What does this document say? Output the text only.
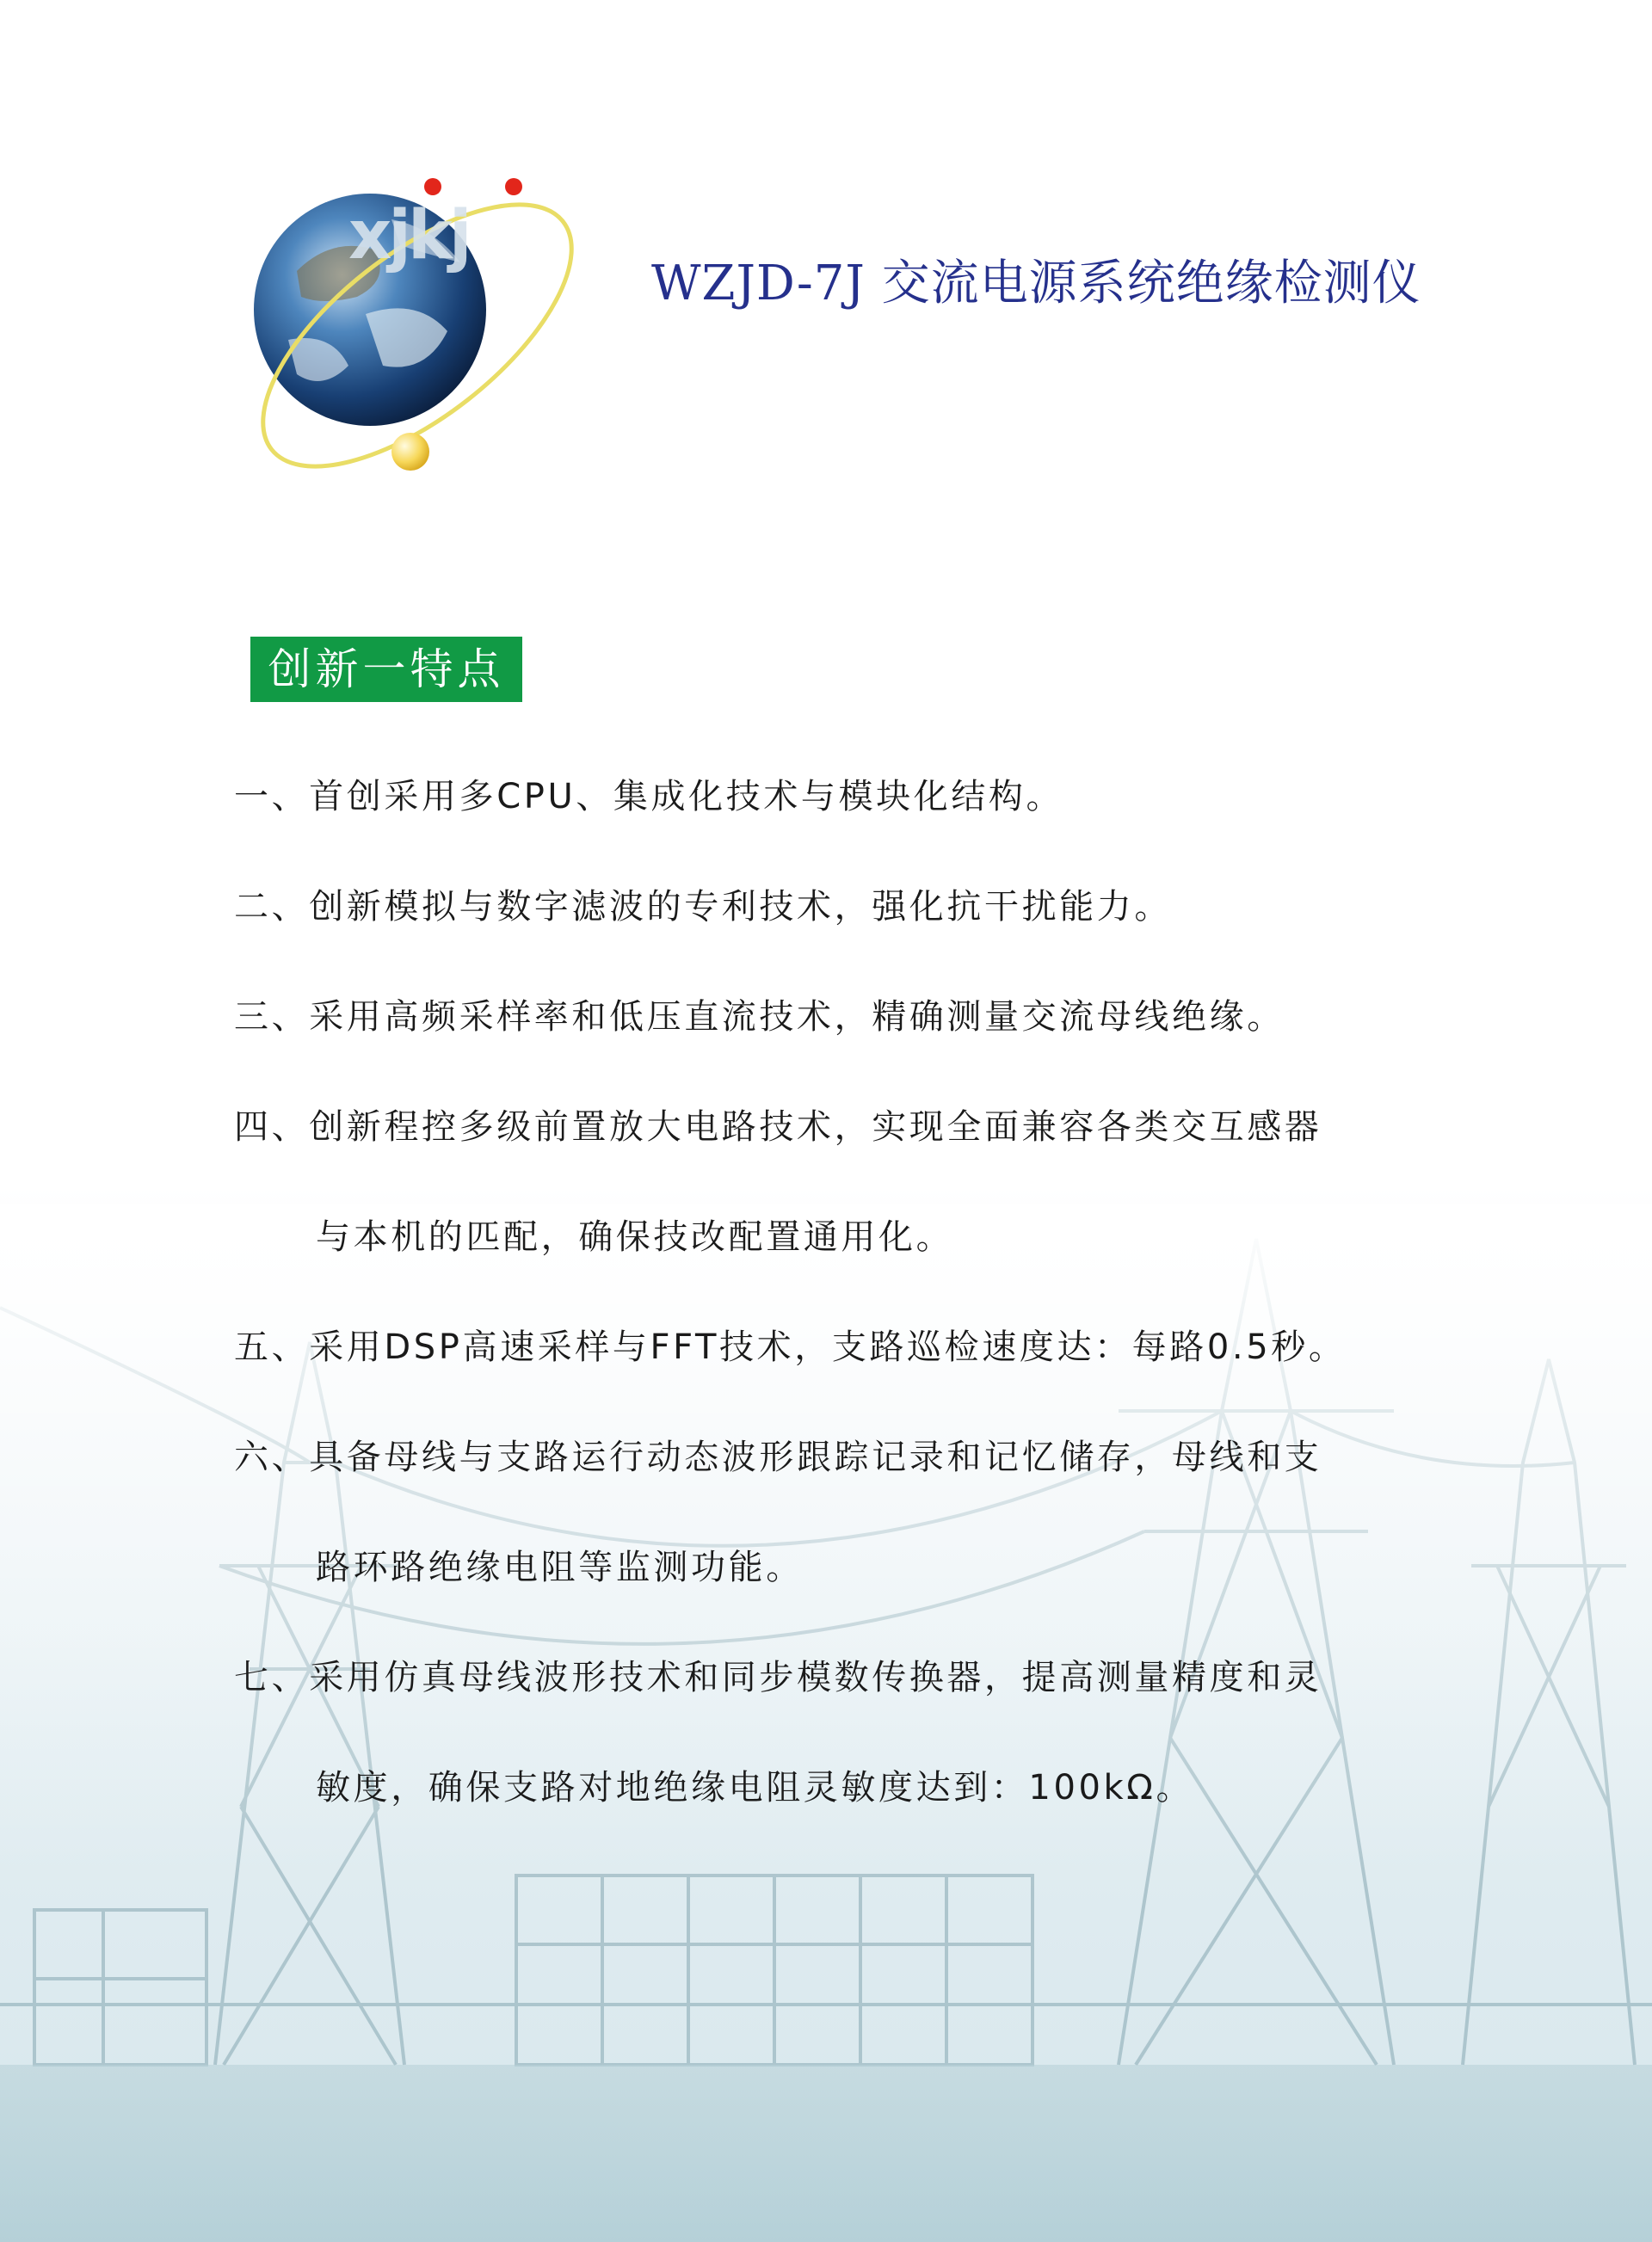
xjkj
WZJD-7J 交流电源系统绝缘检测仪
创新一特点
一、首创采用多CPU、集成化技术与模块化结构。
二、创新模拟与数字滤波的专利技术，强化抗干扰能力。
三、采用高频采样率和低压直流技术，精确测量交流母线绝缘。
四、创新程控多级前置放大电路技术，实现全面兼容各类交互感器
与本机的匹配，确保技改配置通用化。
五、采用DSP高速采样与FFT技术，支路巡检速度达：每路0.5秒。
六、具备母线与支路运行动态波形跟踪记录和记忆储存，母线和支
路环路绝缘电阻等监测功能。
七、采用仿真母线波形技术和同步模数传换器，提高测量精度和灵
敏度，确保支路对地绝缘电阻灵敏度达到：100kΩ。
